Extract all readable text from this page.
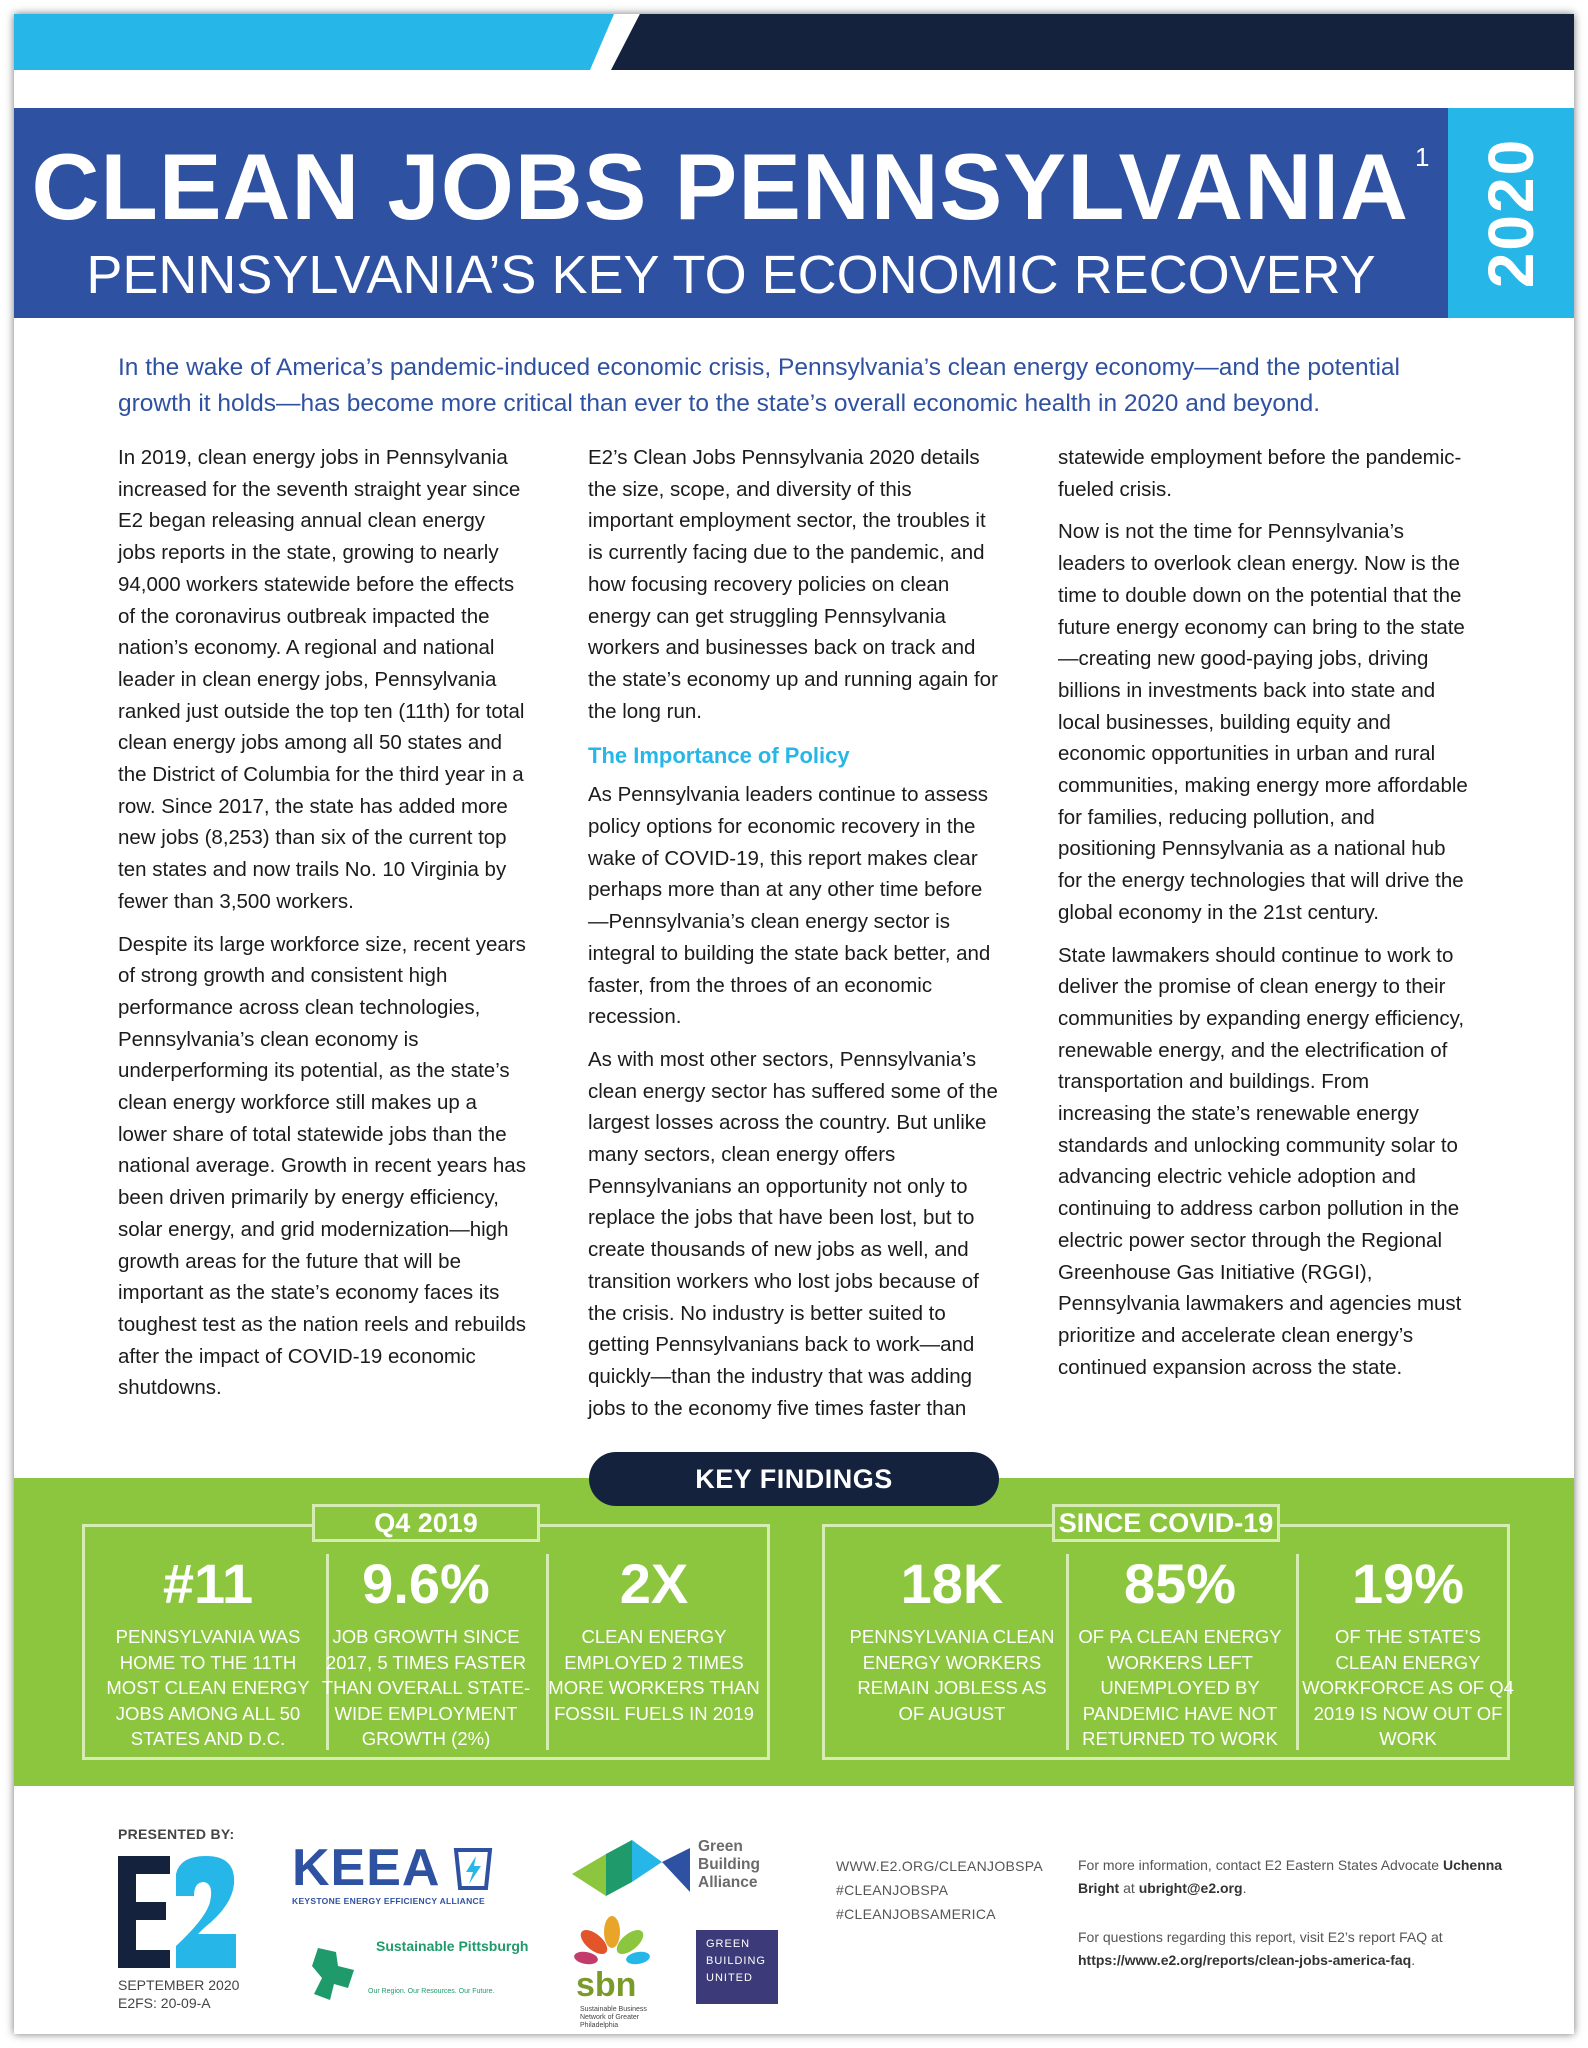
CLEAN JOBS PENNSYLVANIA $^1$
PENNSYLVANIA’S KEY TO ECONOMIC RECOVERY	2020

In the wake of America’s pandemic-induced economic crisis, Pennsylvania’s clean energy economy—and the potential growth it holds—has become more critical than ever to the state’s overall economic health in 2020 and beyond.

In 2019, clean energy jobs in Pennsylvania increased for the seventh straight year since E2 began releasing annual clean energy jobs reports in the state, growing to nearly 94,000 workers statewide before the effects of the coronavirus outbreak impacted the nation’s economy. A regional and national leader in clean energy jobs, Pennsylvania ranked just outside the top ten (11th) for total clean energy jobs among all 50 states and the District of Columbia for the third year in a row. Since 2017, the state has added more new jobs (8,253) than six of the current top ten states and now trails No. 10 Virginia by fewer than 3,500 workers.

Despite its large workforce size, recent years of strong growth and consistent high performance across clean technologies, Pennsylvania’s clean economy is underperforming its potential, as the state’s clean energy workforce still makes up a lower share of total statewide jobs than the national average. Growth in recent years has been driven primarily by energy efficiency, solar energy, and grid modernization—high growth areas for the future that will be important as the state’s economy faces its toughest test as the nation reels and rebuilds after the impact of COVID-19 economic shutdowns.

E2’s Clean Jobs Pennsylvania 2020 details the size, scope, and diversity of this important employment sector, the troubles it is currently facing due to the pandemic, and how focusing recovery policies on clean energy can get struggling Pennsylvania workers and businesses back on track and the state’s economy up and running again for the long run.

The Importance of Policy

As Pennsylvania leaders continue to assess policy options for economic recovery in the wake of COVID-19, this report makes clear perhaps more than at any other time before—Pennsylvania’s clean energy sector is integral to building the state back better, and faster, from the throes of an economic recession.

As with most other sectors, Pennsylvania’s clean energy sector has suffered some of the largest losses across the country. But unlike many sectors, clean energy offers Pennsylvanians an opportunity not only to replace the jobs that have been lost, but to create thousands of new jobs as well, and transition workers who lost jobs because of the crisis. No industry is better suited to getting Pennsylvanians back to work—and quickly—than the industry that was adding jobs to the economy five times faster than

statewide employment before the pandemic-fueled crisis.

Now is not the time for Pennsylvania’s leaders to overlook clean energy. Now is the time to double down on the potential that the future energy economy can bring to the state—creating new good-paying jobs, driving billions in investments back into state and local businesses, building equity and economic opportunities in urban and rural communities, making energy more affordable for families, reducing pollution, and positioning Pennsylvania as a national hub for the energy technologies that will drive the global economy in the 21st century.

State lawmakers should continue to work to deliver the promise of clean energy to their communities by expanding energy efficiency, renewable energy, and the electrification of transportation and buildings. From increasing the state’s renewable energy standards and unlocking community solar to advancing electric vehicle adoption and continuing to address carbon pollution in the electric power sector through the Regional Greenhouse Gas Initiative (RGGI), Pennsylvania lawmakers and agencies must prioritize and accelerate clean energy’s continued expansion across the state.

KEY FINDINGS
Q4 2019	SINCE COVID-19
#11
PENNSYLVANIA WAS HOME TO THE 11TH MOST CLEAN ENERGY JOBS AMONG ALL 50 STATES AND D.C.
9.6%
JOB GROWTH SINCE 2017, 5 TIMES FASTER THAN OVERALL STATE-WIDE EMPLOYMENT GROWTH (2%)
2X
CLEAN ENERGY EMPLOYED 2 TIMES MORE WORKERS THAN FOSSIL FUELS IN 2019
18K
PENNSYLVANIA CLEAN ENERGY WORKERS REMAIN JOBLESS AS OF AUGUST
85%
OF PA CLEAN ENERGY WORKERS LEFT UNEMPLOYED BY PANDEMIC HAVE NOT RETURNED TO WORK
19%
OF THE STATE’S CLEAN ENERGY WORKFORCE AS OF Q4 2019 IS NOW OUT OF WORK
PRESENTED BY:
SEPTEMBER 2020
E2FS: 20-09-A
KEEA
KEYSTONE ENERGY EFFICIENCY ALLIANCE
Green
Building
Alliance
Sustainable Pittsburgh
Our Region. Our Resources. Our Future. sbn
Sustainable Business Network of Greater Philadelphia
GREEN
BUILDING
UNITED
WWW.E2.ORG/CLEANJOBSPA
#CLEANJOBSPA
#CLEANJOBSAMERICA

For more information, contact E2 Eastern States Advocate Uchenna Bright at ubright@e2.org.

For questions regarding this report, visit E2’s report FAQ at https://www.e2.org/reports/clean-jobs-america-faq.
